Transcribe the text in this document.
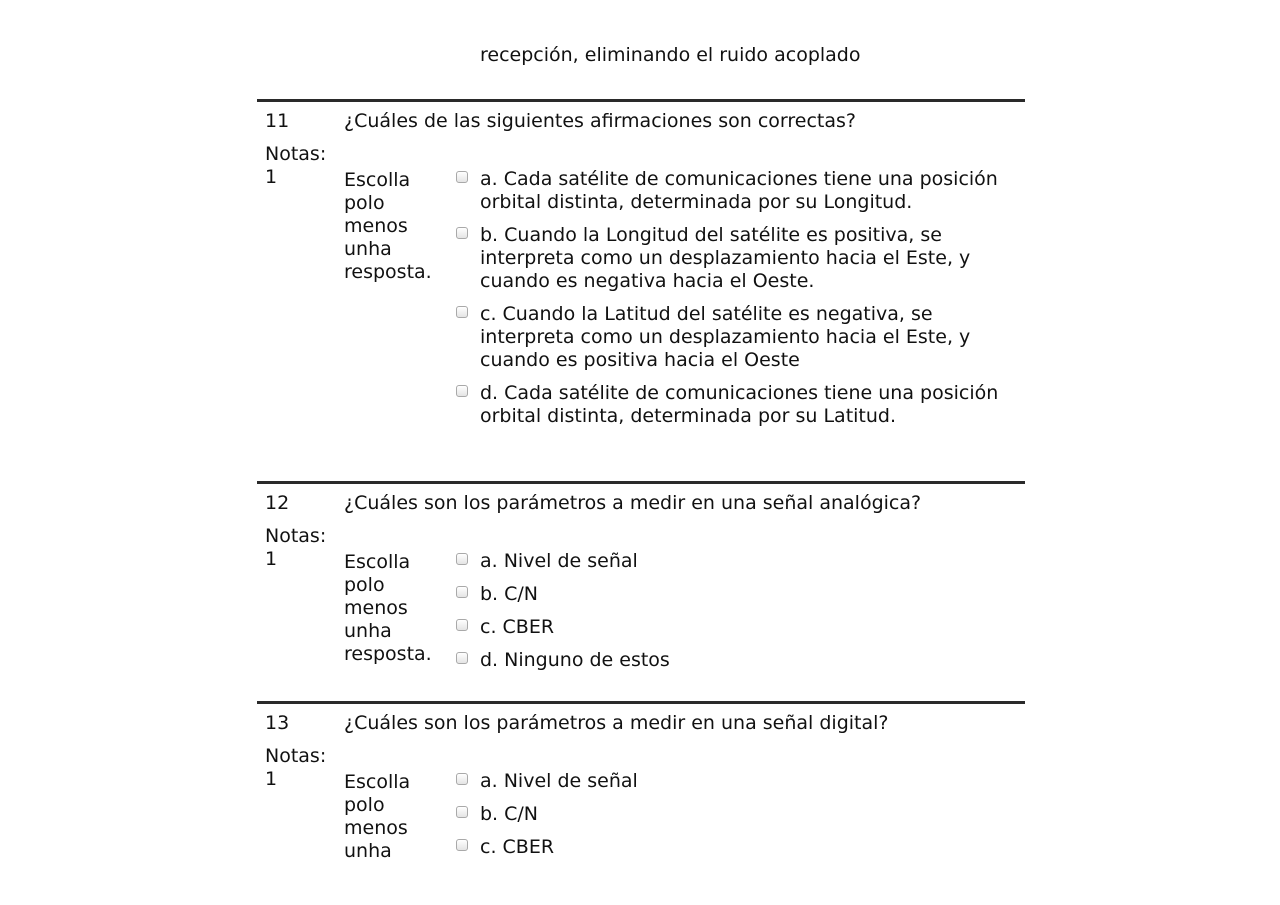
recepción, eliminando el ruido acoplado
11	¿Cuáles de las siguientes afirmaciones son correctas?
Notas:
1	Escolla polo menos unha resposta.
a. Cada satélite de comunicaciones tiene una posición orbital distinta, determinada por su Longitud.
b. Cuando la Longitud del satélite es positiva, se interpreta como un desplazamiento hacia el Este, y cuando es negativa hacia el Oeste.
c. Cuando la Latitud del satélite es negativa, se interpreta como un desplazamiento hacia el Este, y cuando es positiva hacia el Oeste
d. Cada satélite de comunicaciones tiene una posición orbital distinta, determinada por su Latitud.
12	¿Cuáles son los parámetros a medir en una señal analógica?
Notas:
1	Escolla polo menos unha resposta.
a. Nivel de señal
b. C/N
c. CBER
d. Ninguno de estos
13	¿Cuáles son los parámetros a medir en una señal digital?
Notas:
1	Escolla polo menos unha
a. Nivel de señal
b. C/N
c. CBER
